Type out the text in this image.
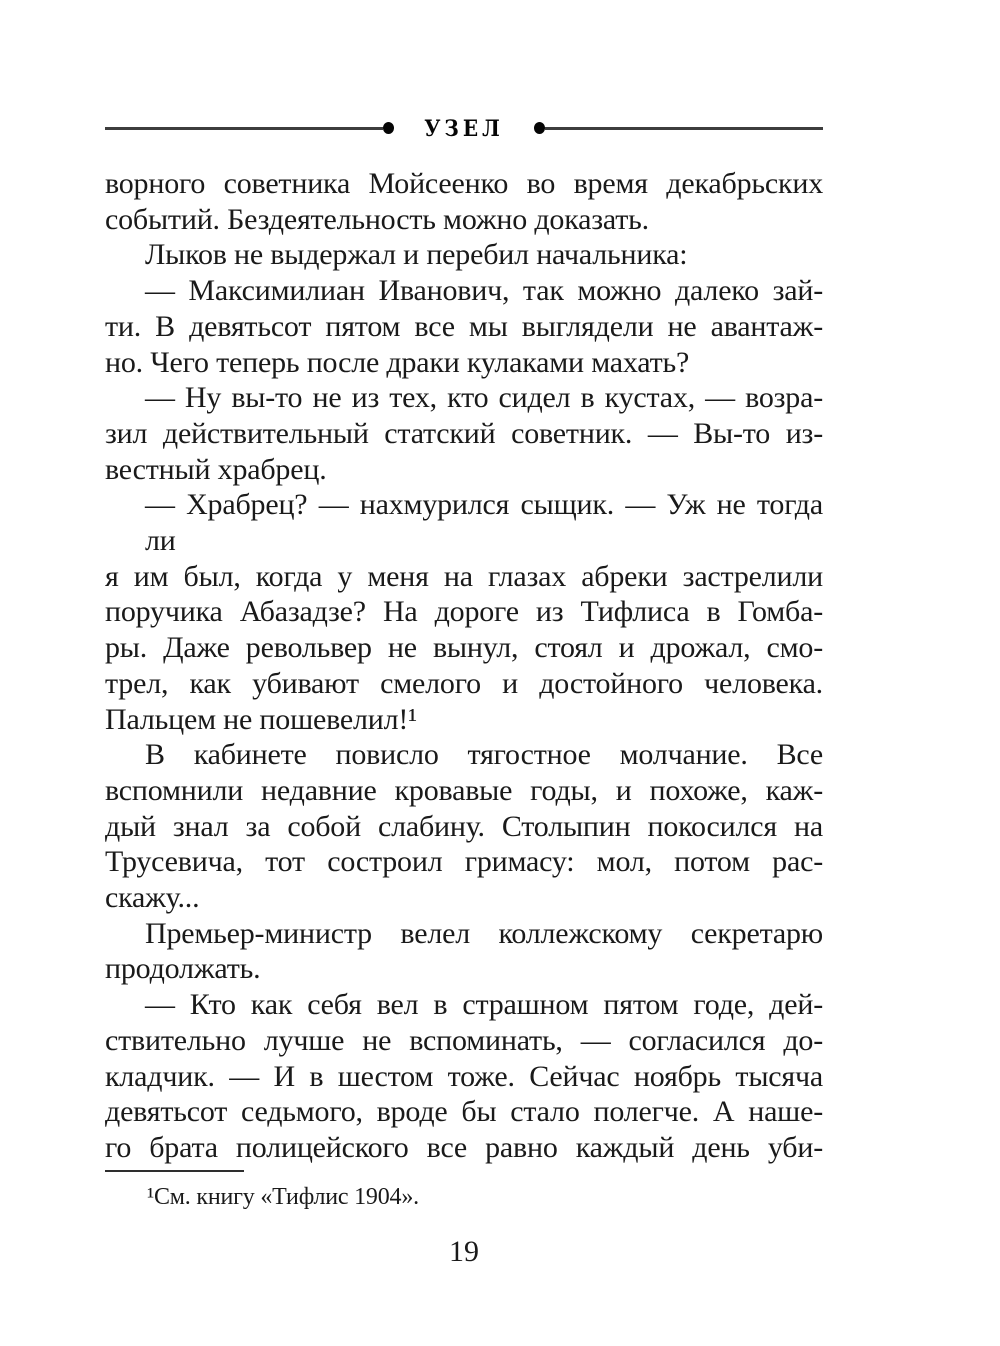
УЗЕЛ
ворного советника Мойсеенко во время декабрьских
событий. Бездеятельность можно доказать.
Лыков не выдержал и перебил начальника:
— Максимилиан Иванович, так можно далеко зай-
ти. В девятьсот пятом все мы выглядели не авантаж-
но. Чего теперь после драки кулаками махать?
— Ну вы-то не из тех, кто сидел в кустах, — возра-
зил действительный статский советник. — Вы-то из-
вестный храбрец.
— Храбрец? — нахмурился сыщик. — Уж не тогда ли
я им был, когда у меня на глазах абреки застрелили
поручика Абазадзе? На дороге из Тифлиса в Гомба-
ры. Даже револьвер не вынул, стоял и дрожал, смо-
трел, как убивают смелого и достойного человека.
Пальцем не пошевелил!¹
В кабинете повисло тягостное молчание. Все
вспомнили недавние кровавые годы, и похоже, каж-
дый знал за собой слабину. Столыпин покосился на
Трусевича, тот состроил гримасу: мол, потом рас-
скажу...
Премьер-министр велел коллежскому секретарю
продолжать.
— Кто как себя вел в страшном пятом годе, дей-
ствительно лучше не вспоминать, — согласился до-
кладчик. — И в шестом тоже. Сейчас ноябрь тысяча
девятьсот седьмого, вроде бы стало полегче. А наше-
го брата полицейского все равно каждый день уби-
¹См. книгу «Тифлис 1904».
19
